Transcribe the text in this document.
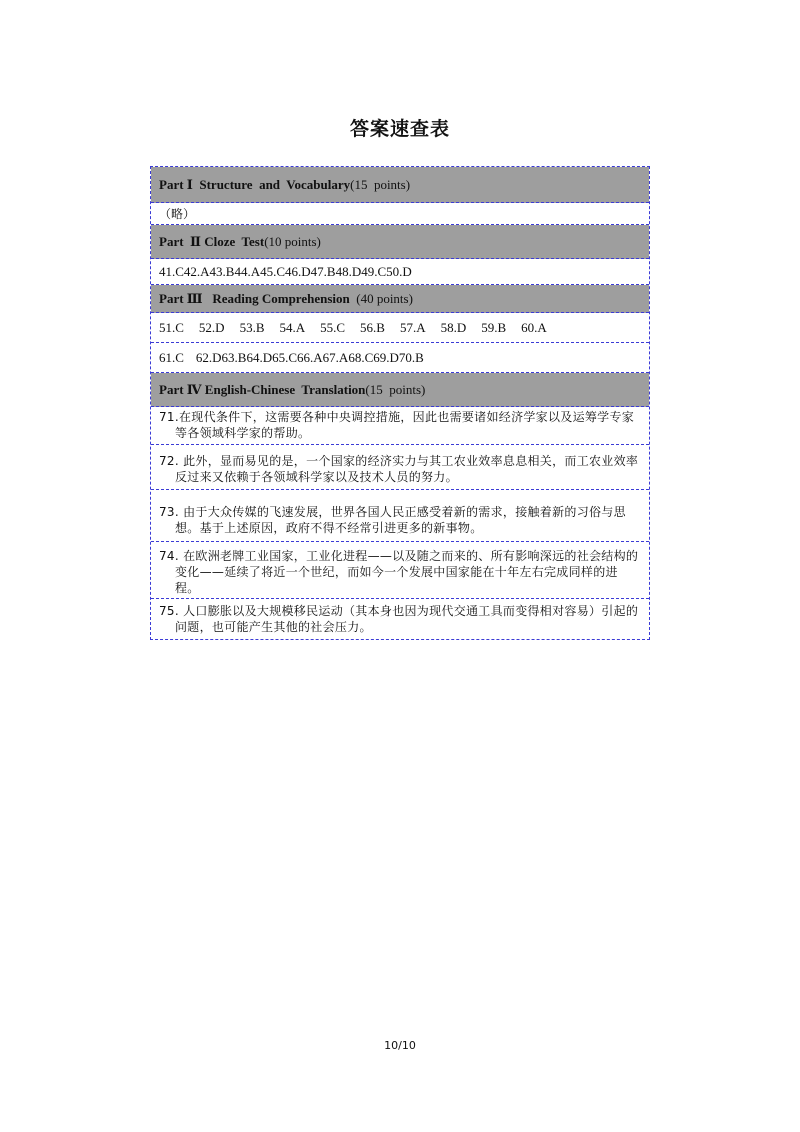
答案速查表
Part Ⅰ  Structure  and  Vocabulary (15  points)
（略）
Part  Ⅱ Cloze  Test (10 points)
41.C42.A43.B44.A45.C46.D47.B48.D49.C50.D
Part Ⅲ   Reading Comprehension (40 points)
51.C 52.D 53.B 54.A 55.C 56.B 57.A 58.D 59.B 60.A
61.C 62.D63.B64.D65.C66.A67.A68.C69.D70.B
Part Ⅳ English-Chinese  Translation (15  points)
71.在现代条件下，这需要各种中央调控措施，因此也需要诸如经济学家以及运筹学专家等各领域科学家的帮助。
72. 此外，显而易见的是，一个国家的经济实力与其工农业效率息息相关，而工农业效率反过来又依赖于各领域科学家以及技术人员的努力。
73. 由于大众传媒的飞速发展，世界各国人民正感受着新的需求，接触着新的习俗与思想。基于上述原因，政府不得不经常引进更多的新事物。
74. 在欧洲老牌工业国家，工业化进程——以及随之而来的、所有影响深远的社会结构的变化——延续了将近一个世纪，而如今一个发展中国家能在十年左右完成同样的进程。
75. 人口膨胀以及大规模移民运动（其本身也因为现代交通工具而变得相对容易）引起的问题，也可能产生其他的社会压力。
10/10
